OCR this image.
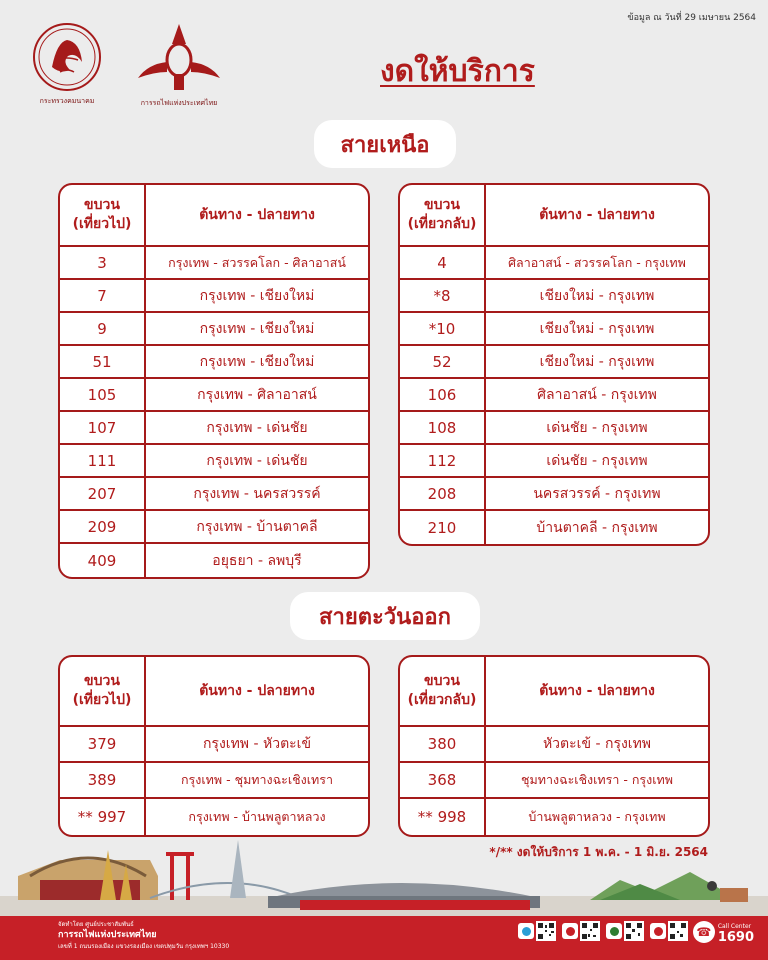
ข้อมูล ณ วันที่ 29 เมษายน 2564
กระทรวงคมนาคม	การรถไฟแห่งประเทศไทย
งดให้บริการ
สายเหนือ
ขบวน
(เที่ยวไป)	ต้นทาง - ปลายทาง
3	กรุงเทพ - สวรรคโลก - ศิลาอาสน์
7	กรุงเทพ - เชียงใหม่
9	กรุงเทพ - เชียงใหม่
51	กรุงเทพ - เชียงใหม่
105	กรุงเทพ - ศิลาอาสน์
107	กรุงเทพ - เด่นชัย
111	กรุงเทพ - เด่นชัย
207	กรุงเทพ - นครสวรรค์
209	กรุงเทพ - บ้านตาคลี
409	อยุธยา - ลพบุรี
ขบวน
(เที่ยวกลับ)	ต้นทาง - ปลายทาง
4	ศิลาอาสน์ - สวรรคโลก - กรุงเทพ
*8	เชียงใหม่ - กรุงเทพ
*10	เชียงใหม่ - กรุงเทพ
52	เชียงใหม่ - กรุงเทพ
106	ศิลาอาสน์ - กรุงเทพ
108	เด่นชัย - กรุงเทพ
112	เด่นชัย - กรุงเทพ
208	นครสวรรค์ - กรุงเทพ
210	บ้านตาคลี - กรุงเทพ
สายตะวันออก
ขบวน
(เที่ยวไป)	ต้นทาง - ปลายทาง
379	กรุงเทพ - หัวตะเข้
389	กรุงเทพ - ชุมทางฉะเชิงเทรา
** 997	กรุงเทพ - บ้านพลูตาหลวง
ขบวน
(เที่ยวกลับ)	ต้นทาง - ปลายทาง
380	หัวตะเข้ - กรุงเทพ
368	ชุมทางฉะเชิงเทรา - กรุงเทพ
** 998	บ้านพลูตาหลวง - กรุงเทพ
*/** งดให้บริการ 1 พ.ค. - 1 มิ.ย. 2564
จัดทำโดย ศูนย์ประชาสัมพันธ์
การรถไฟแห่งประเทศไทย
เลขที่ 1 ถนนรองเมือง แขวงรองเมือง เขตปทุมวัน กรุงเทพฯ 10330
☎	Call Center
1690
